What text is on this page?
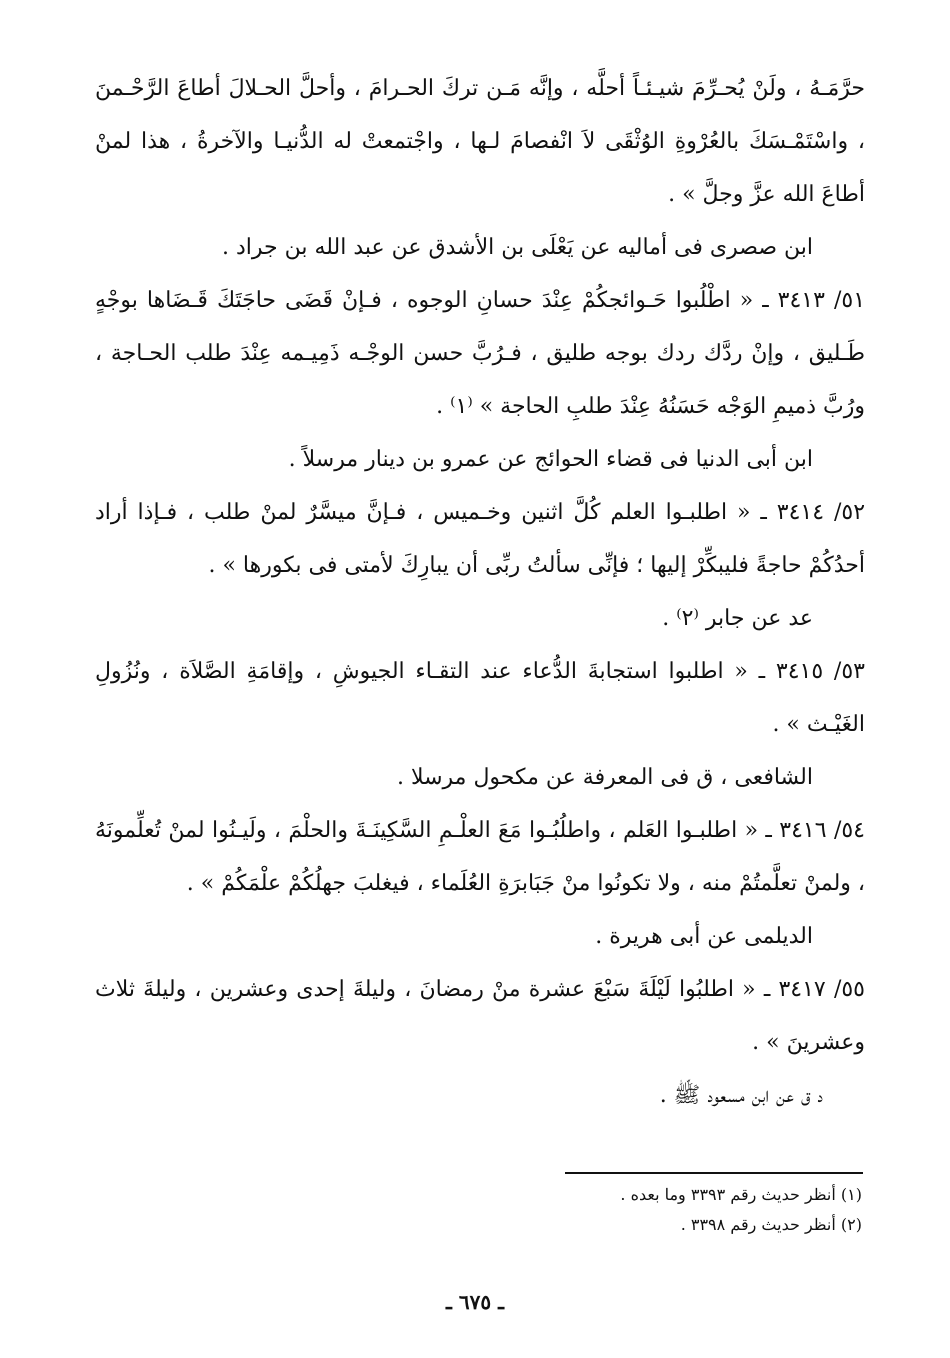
حرَّمَـهُ ، ولَنْ يُحـرِّمَ شيـئـاً أحلَّه ، وإنَّه مَـن تركَ الحـرامَ ، وأحلَّ الحـلالَ أطاعَ الرَّحْـمنَ ، واسْتَمْـسَكَ بالعُرْوةِ الوُثْقَى لاَ انْفصامَ لـها ، واجْتمعتْ له الدُّنيـا والآخرةُ ، هذا لمنْ أطاعَ الله عزَّ وجلَّ » .

ابن صصرى فى أماليه عن يَعْلَى بن الأشدق عن عبد الله بن جراد .

٥١/ ٣٤١٣ ـ « اطْلُبوا حَـوائجكُمْ عِنْدَ حسانِ الوجوه ، فـإنْ قَضَى حاجَتَكَ قَـضَاها بوجْهٍ طَـليق ، وإنْ ردَّك ردك بوجه طليق ، فـرُبَّ حسن الوجْـه ذَمِيـمه عِنْدَ طلب الحـاجة ، ورُبَّ ذميمِ الوَجْه حَسَنُهُ عِنْدَ طلبِ الحاجة » ⁽١⁾ .

ابن أبى الدنيا فى قضاء الحوائج عن عمرو بن دينار مرسلاً .

٥٢/ ٣٤١٤ ـ « اطلبـوا العلم كُلَّ اثنين وخـميس ، فـإنَّ ميسَّرٌ لمنْ طلب ، فـإذا أراد أحدُكُمْ حاجةً فليبكِّرْ إليها ؛ فإنِّى سألتُ ربِّى أن يبارِكَ لأمتى فى بكورها » .

عد عن جابر ⁽٢⁾ .

٥٣/ ٣٤١٥ ـ « اطلبوا استجابةَ الدُّعاء عند التقـاء الجيوشِ ، وإقامَةِ الصَّلاَة ، ونُزُولِ الغَيْـث » .

الشافعى ، ق فى المعرفة عن مكحول مرسلا .

٥٤/ ٣٤١٦ ـ « اطلبـوا العَلم ، واطلُبُـوا مَعَ العلْـمِ السَّكِينَـةَ والحلْمَ ، ولَيـنُوا لمنْ تُعلِّمونَهُ ، ولمنْ تعلَّمتُمْ منه ، ولا تكونُوا منْ جَبَابرَةِ العُلَماء ، فيغلبَ جهلُكُمْ علْمَكُمْ » .

الديلمى عن أبى هريرة .

٥٥/ ٣٤١٧ ـ « اطلبُوا لَيْلَةَ سَبْعَ عشرة منْ رمضانَ ، وليلةَ إحدى وعشرين ، وليلةَ ثلاث وعشرينَ » .

د ق عن ابن مسعود ﷺ .

(١) أنظر حديث رقم ٣٣٩٣ وما بعده .

(٢) أنظر حديث رقم ٣٣٩٨ .

ـ ٦٧٥ ـ
